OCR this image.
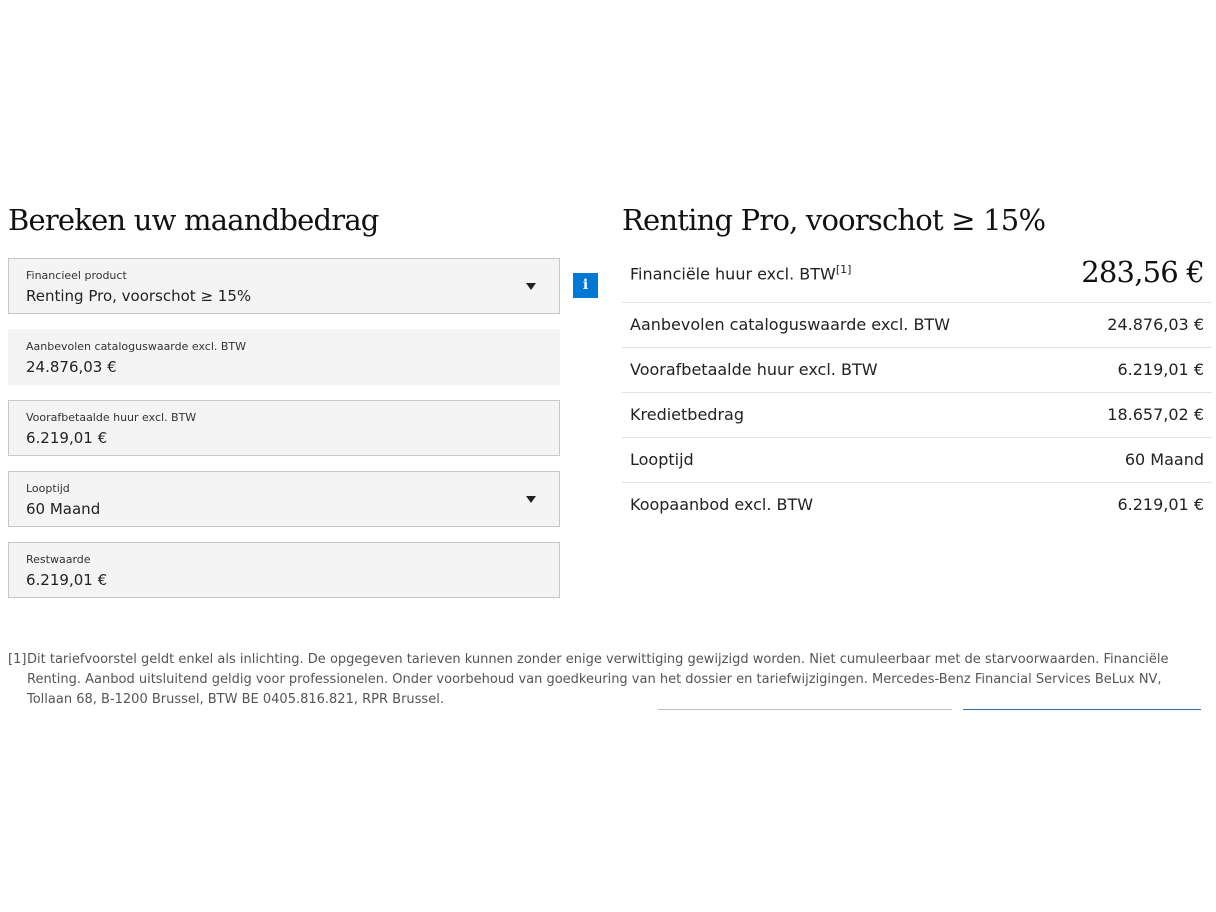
Bereken uw maandbedrag
Financieel product
Renting Pro, voorschot ≥ 15%
i
Aanbevolen cataloguswaarde excl. BTW
24.876,03 €
Voorafbetaalde huur excl. BTW
6.219,01 €
Looptijd
60 Maand
Restwaarde
6.219,01 €
Renting Pro, voorschot ≥ 15%
Financiële huur excl. BTW[1]	283,56 €
Aanbevolen cataloguswaarde excl. BTW	24.876,03 €
Voorafbetaalde huur excl. BTW	6.219,01 €
Kredietbedrag	18.657,02 €
Looptijd	60 Maand
Koopaanbod excl. BTW	6.219,01 €
[1] Dit tariefvoorstel geldt enkel als inlichting. De opgegeven tarieven kunnen zonder enige verwittiging gewijzigd worden. Niet cumuleerbaar met de starvoorwaarden. Financiële Renting. Aanbod uitsluitend geldig voor professionelen. Onder voorbehoud van goedkeuring van het dossier en tariefwijzigingen. Mercedes-Benz Financial Services BeLux NV, Tollaan 68, B-1200 Brussel, BTW BE 0405.816.821, RPR Brussel.
